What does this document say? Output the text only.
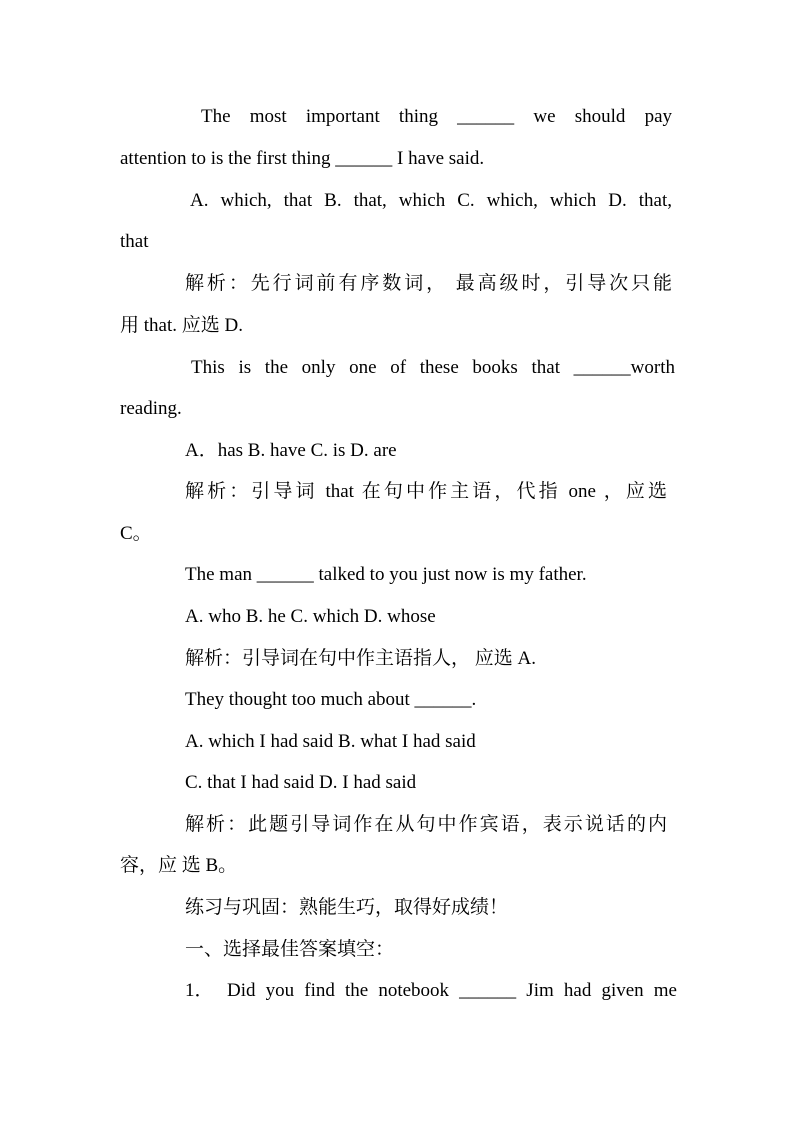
The most important thing ______ we should pay
attention to is the first thing ______ I have said.
A. which, that B. that, which C. which, which D. that,
that
解析：先行词前有序数词， 最高级时，引导次只能
用 that. 应选 D.
This is the only one of these books that ______worth
reading.
A．has B. have C. is D. are
解析：引导词 that 在句中作主语，代指 one ，应选
C。
The man ______ talked to you just now is my father.
A. who B. he C. which D. whose
解析：引导词在句中作主语指人， 应选 A.
They thought too much about ______.
A. which I had said B. what I had said
C. that I had said D. I had said
解析：此题引导词作在从句中作宾语，表示说话的内
容，应 选 B。
练习与巩固：熟能生巧，取得好成绩！
一、选择最佳答案填空：
1． Did you find the notebook ______ Jim had given me
